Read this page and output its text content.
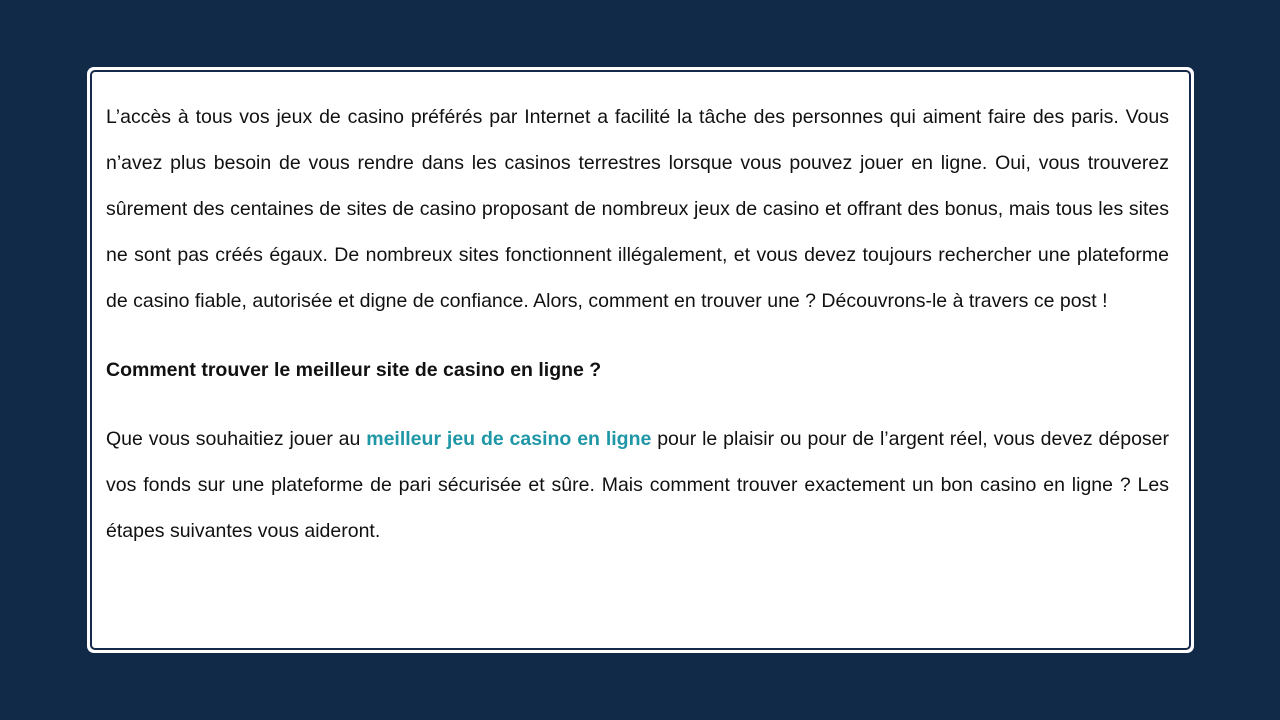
L’accès à tous vos jeux de casino préférés par Internet a facilité la tâche des personnes qui aiment faire des paris. Vous n’avez plus besoin de vous rendre dans les casinos terrestres lorsque vous pouvez jouer en ligne. Oui, vous trouverez sûrement des centaines de sites de casino proposant de nombreux jeux de casino et offrant des bonus, mais tous les sites ne sont pas créés égaux. De nombreux sites fonctionnent illégalement, et vous devez toujours rechercher une plateforme de casino fiable, autorisée et digne de confiance. Alors, comment en trouver une ? Découvrons-le à travers ce post !

Comment trouver le meilleur site de casino en ligne ?

Que vous souhaitiez jouer au meilleur jeu de casino en ligne pour le plaisir ou pour de l’argent réel, vous devez déposer vos fonds sur une plateforme de pari sécurisée et sûre. Mais comment trouver exactement un bon casino en ligne ? Les étapes suivantes vous aideront.
